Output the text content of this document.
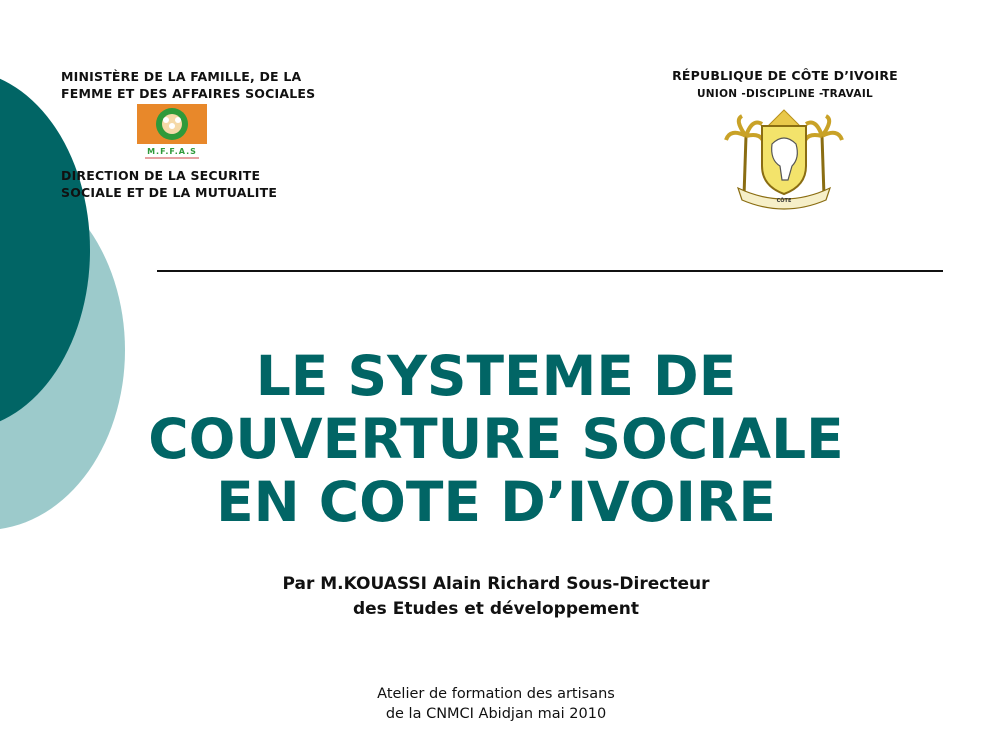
MINISTÈRE DE LA FAMILLE, DE LA
FEMME ET DES AFFAIRES SOCIALES
M.F.F.A.S
DIRECTION DE LA SECURITE
SOCIALE ET DE LA MUTUALITE
RÉPUBLIQUE DE CÔTE D’IVOIRE
UNION -DISCIPLINE -TRAVAIL
CÔTE
LE SYSTEME DE
COUVERTURE SOCIALE
EN COTE D’IVOIRE
Par M.KOUASSI Alain Richard Sous-Directeur
des Etudes et développement
Atelier de formation des artisans
de la CNMCI Abidjan mai 2010
